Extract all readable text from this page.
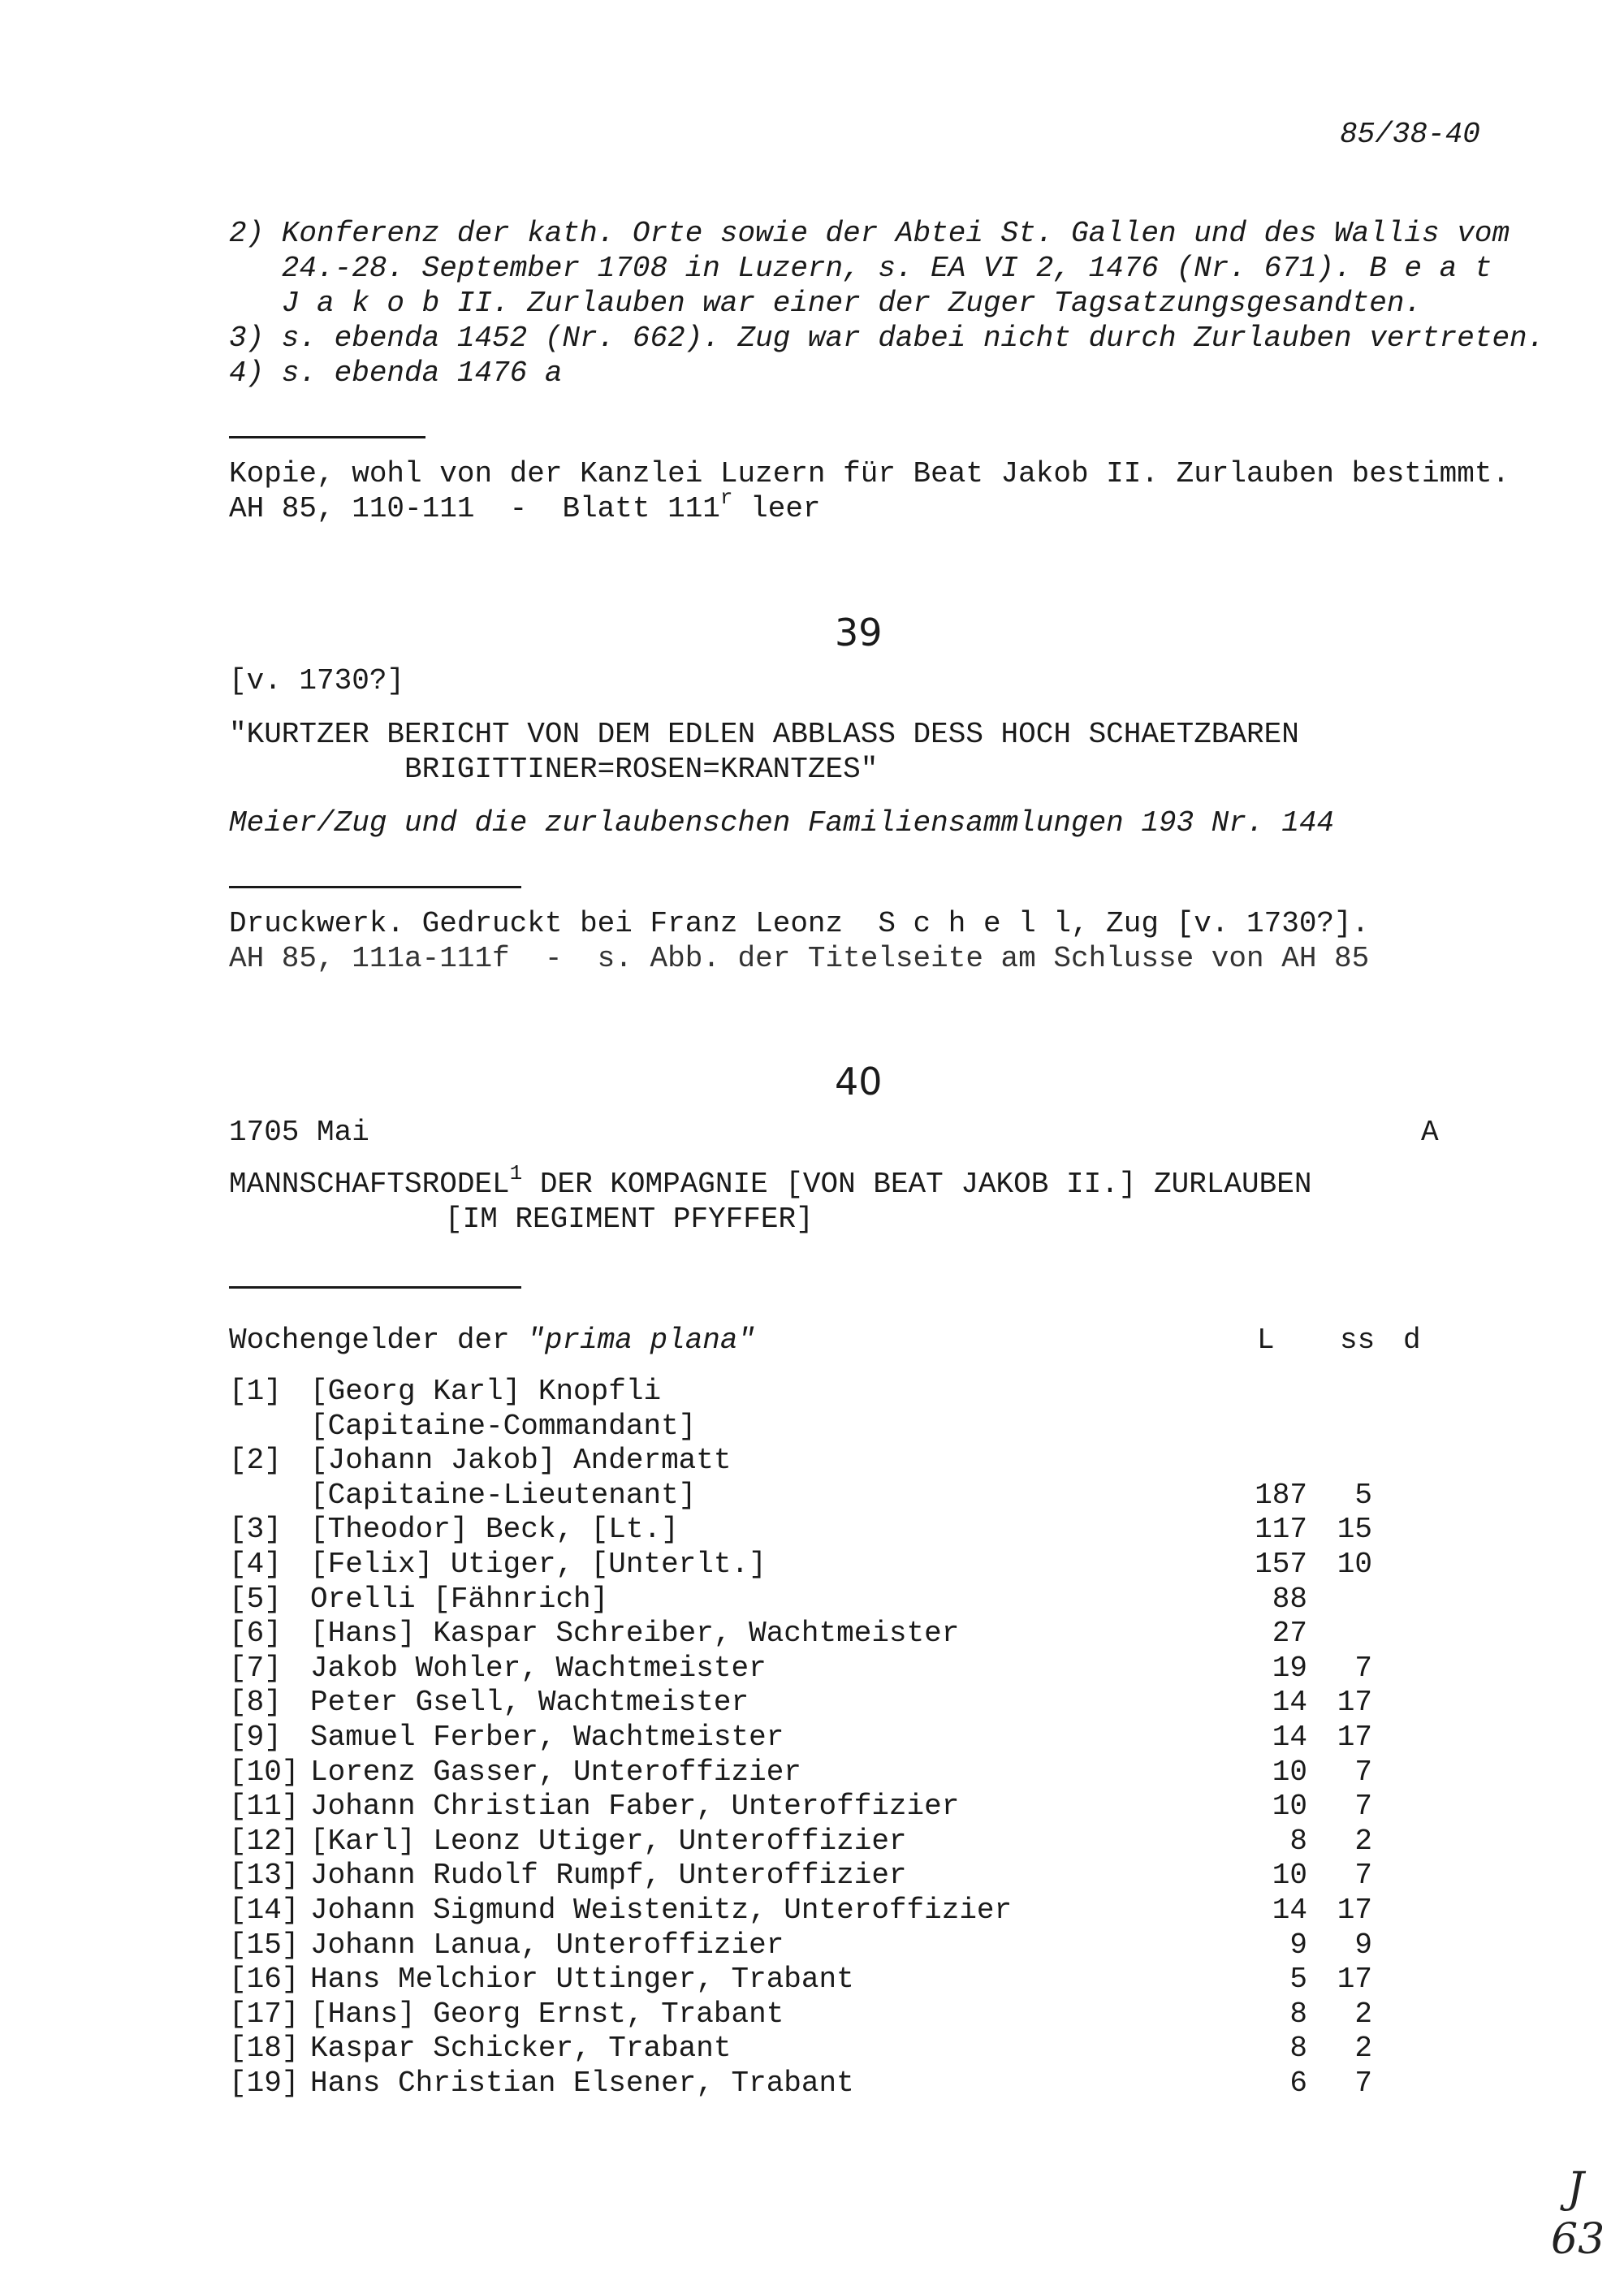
85/38-40
2) Konferenz der kath. Orte sowie der Abtei St. Gallen und des Wallis vom
24.-28. September 1708 in Luzern, s. EA VI 2, 1476 (Nr. 671). B e a t
J a k o b II. Zurlauben war einer der Zuger Tagsatzungsgesandten.
3) s. ebenda 1452 (Nr. 662). Zug war dabei nicht durch Zurlauben vertreten.
4) s. ebenda 1476 a
Kopie, wohl von der Kanzlei Luzern für Beat Jakob II. Zurlauben bestimmt.
AH 85, 110-111  -  Blatt 111$^r$ leer
39
[v. 1730?]
"KURTZER BERICHT VON DEM EDLEN ABBLASS DESS HOCH SCHAETZBAREN
BRIGITTINER=ROSEN=KRANTZES"
Meier/Zug und die zurlaubenschen Familiensammlungen 193 Nr. 144
Druckwerk. Gedruckt bei Franz Leonz  S c h e l l, Zug [v. 1730?].
AH 85, 111a-111f  -  s. Abb. der Titelseite am Schlusse von AH 85
40
1705 Mai	A
MANNSCHAFTSRODEL$^1$ DER KOMPAGNIE [VON BEAT JAKOB II.] ZURLAUBEN
[IM REGIMENT PFYFFER]
Wochengelder der "prima plana"	L ss d
[1] [Georg Karl] Knopfli
[Capitaine-Commandant]
[2] [Johann Jakob] Andermatt
[Capitaine-Lieutenant]	187	5
[3] [Theodor] Beck, [Lt.]	117	15
[4] [Felix] Utiger, [Unterlt.]	157	10
[5] Orelli [Fähnrich]	88
[6] [Hans] Kaspar Schreiber, Wachtmeister	27
[7] Jakob Wohler, Wachtmeister	19	7
[8] Peter Gsell, Wachtmeister	14	17
[9] Samuel Ferber, Wachtmeister	14	17
[10] Lorenz Gasser, Unteroffizier	10	7
[11] Johann Christian Faber, Unteroffizier	10	7
[12] [Karl] Leonz Utiger, Unteroffizier	8	2
[13] Johann Rudolf Rumpf, Unteroffizier	10	7
[14] Johann Sigmund Weistenitz, Unteroffizier	14	17
[15] Johann Lanua, Unteroffizier	9	9
[16] Hans Melchior Uttinger, Trabant	5	17
[17] [Hans] Georg Ernst, Trabant	8	2
[18] Kaspar Schicker, Trabant	8	2
[19] Hans Christian Elsener, Trabant	6	7
J
63
